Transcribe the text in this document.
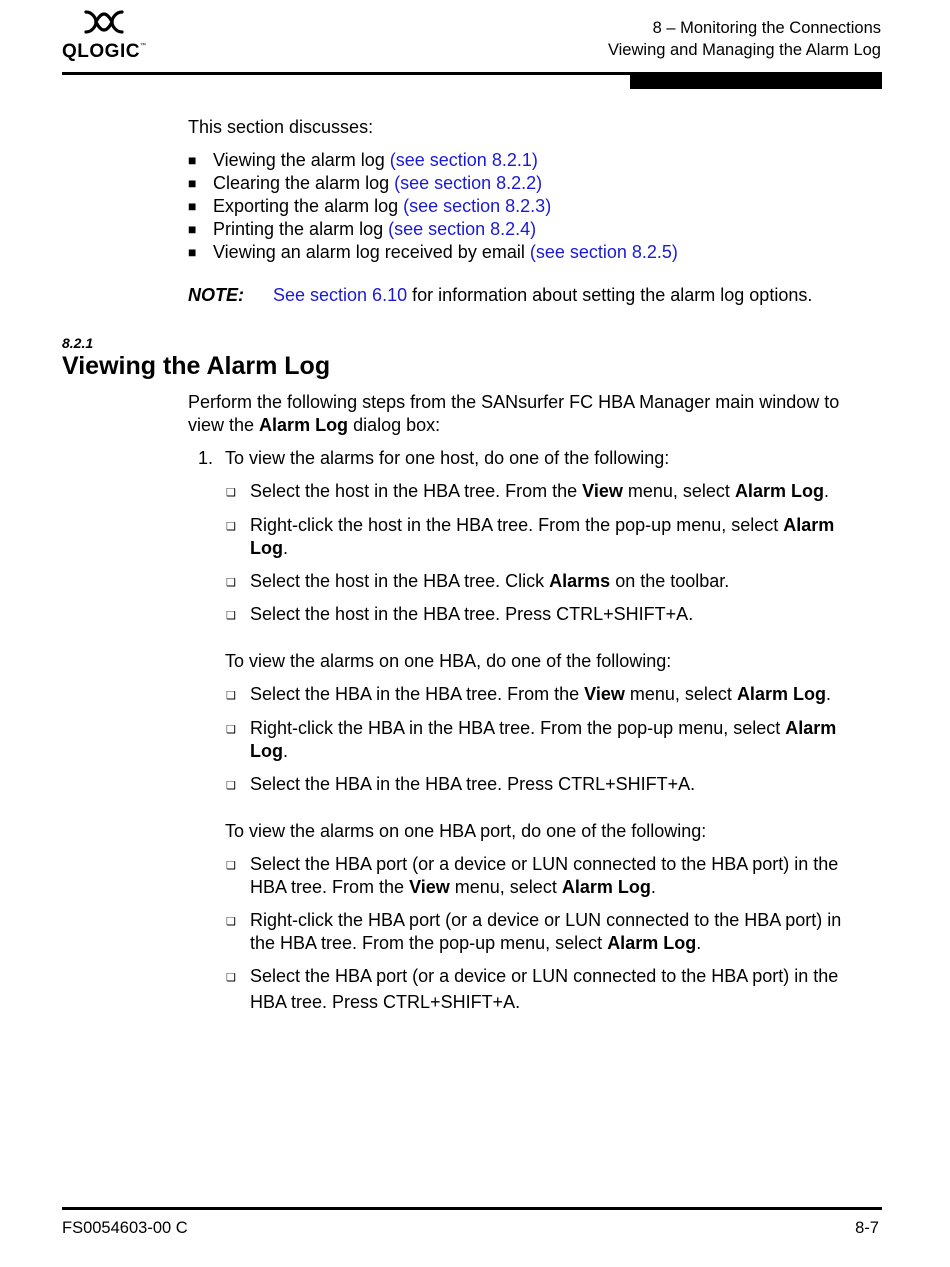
QLOGIC™
8 – Monitoring the Connections
Viewing and Managing the Alarm Log
This section discusses:
■ Viewing the alarm log (see section 8.2.1)
■ Clearing the alarm log (see section 8.2.2)
■ Exporting the alarm log (see section 8.2.3)
■ Printing the alarm log (see section 8.2.4)
■ Viewing an alarm log received by email (see section 8.2.5)
NOTE: See section 6.10 for information about setting the alarm log options.
8.2.1
Viewing the Alarm Log
Perform the following steps from the SANsurfer FC HBA Manager main window to
view the Alarm Log dialog box:
1. To view the alarms for one host, do one of the following:
❑ Select the host in the HBA tree. From the View menu, select Alarm Log.
❑ Right-click the host in the HBA tree. From the pop-up menu, select Alarm
Log.
❑ Select the host in the HBA tree. Click Alarms on the toolbar.
❑ Select the host in the HBA tree. Press CTRL+SHIFT+A.
To view the alarms on one HBA, do one of the following:
❑ Select the HBA in the HBA tree. From the View menu, select Alarm Log.
❑ Right-click the HBA in the HBA tree. From the pop-up menu, select Alarm
Log.
❑ Select the HBA in the HBA tree. Press CTRL+SHIFT+A.
To view the alarms on one HBA port, do one of the following:
❑ Select the HBA port (or a device or LUN connected to the HBA port) in the
HBA tree. From the View menu, select Alarm Log.
❑ Right-click the HBA port (or a device or LUN connected to the HBA port) in
the HBA tree. From the pop-up menu, select Alarm Log.
❑ Select the HBA port (or a device or LUN connected to the HBA port) in the
HBA tree. Press CTRL+SHIFT+A.
FS0054603-00 C	8-7
